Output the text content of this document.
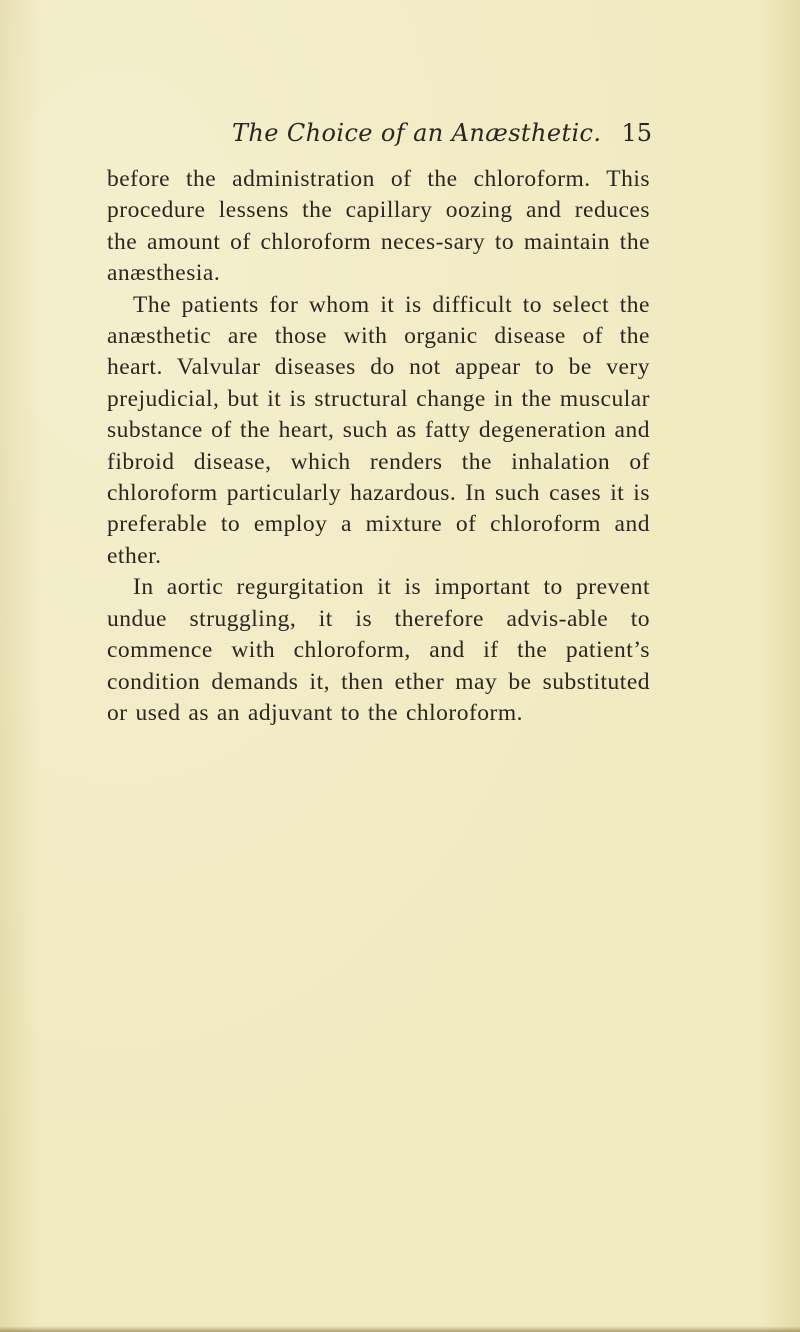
The Choice of an Anæsthetic. 15

before the administration of the chloroform. This procedure lessens the capillary oozing and reduces the amount of chloroform neces-sary to maintain the anæsthesia.

The patients for whom it is difficult to select the anæsthetic are those with organic disease of the heart. Valvular diseases do not appear to be very prejudicial, but it is structural change in the muscular substance of the heart, such as fatty degeneration and fibroid disease, which renders the inhalation of chloroform particularly hazardous. In such cases it is preferable to employ a mixture of chloroform and ether.

In aortic regurgitation it is important to prevent undue struggling, it is therefore advis-able to commence with chloroform, and if the patient’s condition demands it, then ether may be substituted or used as an adjuvant to the chloroform.
